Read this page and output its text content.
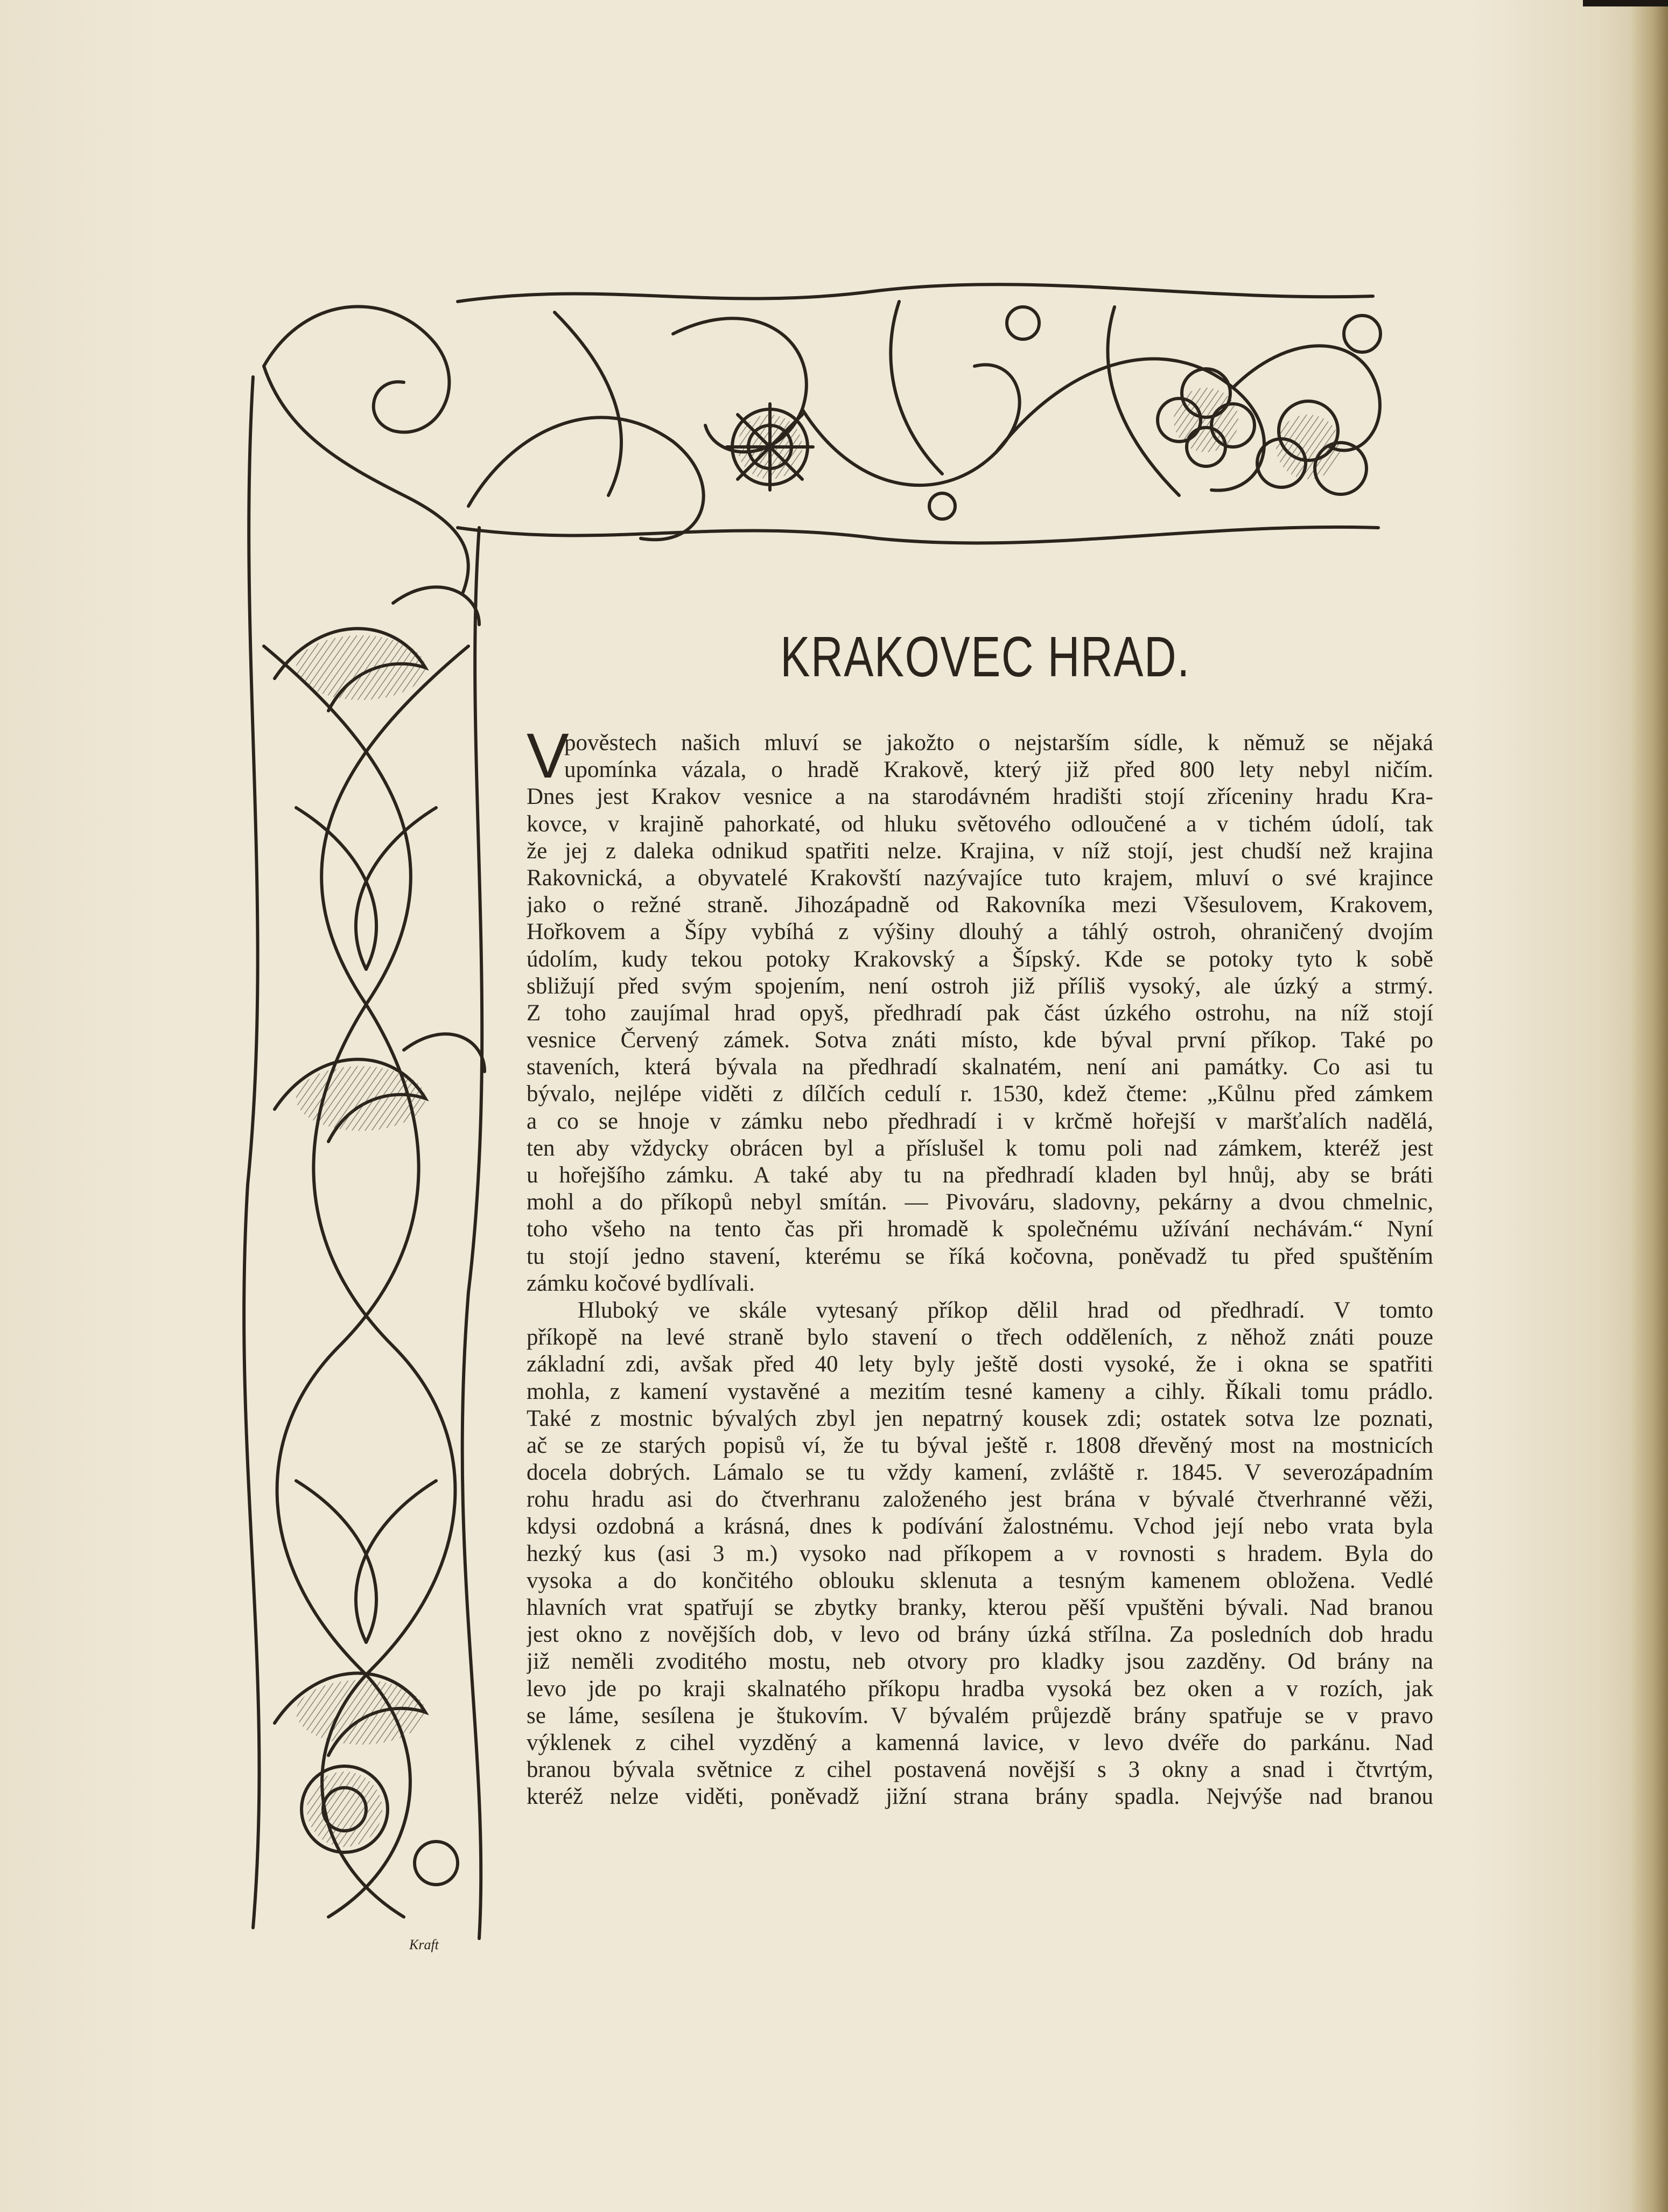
Kraft
KRAKOVEC HRAD.
V
pověstech našich mluví se jakožto o nejstarším sídle, k němuž se nějaká
upomínka vázala, o hradě Krakově, který již před 800 lety nebyl ničím.
Dnes jest Krakov vesnice a na starodávném hradišti stojí zříceniny hradu Kra-
kovce, v krajině pahorkaté, od hluku světového odloučené a v tichém údolí, tak
že jej z daleka odnikud spatřiti nelze. Krajina, v níž stojí, jest chudší než krajina
Rakovnická, a obyvatelé Krakovští nazývajíce tuto krajem, mluví o své krajince
jako o režné straně. Jihozápadně od Rakovníka mezi Všesulovem, Krakovem,
Hořkovem a Šípy vybíhá z výšiny dlouhý a táhlý ostroh, ohraničený dvojím
údolím, kudy tekou potoky Krakovský a Šípský. Kde se potoky tyto k sobě
sbližují před svým spojením, není ostroh již příliš vysoký, ale úzký a strmý.
Z toho zaujímal hrad opyš, předhradí pak část úzkého ostrohu, na níž stojí
vesnice Červený zámek. Sotva znáti místo, kde býval první příkop. Také po
staveních, která bývala na předhradí skalnatém, není ani památky. Co asi tu
bývalo, nejlépe viděti z dílčích cedulí r. 1530, kdež čteme: „Kůlnu před zámkem
a co se hnoje v zámku nebo předhradí i v krčmě hořejší v maršťalích nadělá,
ten aby vždycky obrácen byl a příslušel k tomu poli nad zámkem, kteréž jest
u hořejšího zámku. A také aby tu na předhradí kladen byl hnůj, aby se bráti
mohl a do příkopů nebyl smítán. — Pivováru, sladovny, pekárny a dvou chmelnic,
toho všeho na tento čas při hromadě k společnému užívání nechávám.“ Nyní
tu stojí jedno stavení, kterému se říká kočovna, poněvadž tu před spuštěním
zámku kočové bydlívali.
Hluboký ve skále vytesaný příkop dělil hrad od předhradí. V tomto
příkopě na levé straně bylo stavení o třech odděleních, z něhož znáti pouze
základní zdi, avšak před 40 lety byly ještě dosti vysoké, že i okna se spatřiti
mohla, z kamení vystavěné a mezitím tesné kameny a cihly. Říkali tomu prádlo.
Také z mostnic bývalých zbyl jen nepatrný kousek zdi; ostatek sotva lze poznati,
ač se ze starých popisů ví, že tu býval ještě r. 1808 dřevěný most na mostnicích
docela dobrých. Lámalo se tu vždy kamení, zvláště r. 1845. V severozápadním
rohu hradu asi do čtverhranu založeného jest brána v bývalé čtverhranné věži,
kdysi ozdobná a krásná, dnes k podívání žalostnému. Vchod její nebo vrata byla
hezký kus (asi 3 m.) vysoko nad příkopem a v rovnosti s hradem. Byla do
vysoka a do končitého oblouku sklenuta a tesným kamenem obložena. Vedlé
hlavních vrat spatřují se zbytky branky, kterou pěší vpuštěni bývali. Nad branou
jest okno z novějších dob, v levo od brány úzká střílna. Za posledních dob hradu
již neměli zvoditého mostu, neb otvory pro kladky jsou zazděny. Od brány na
levo jde po kraji skalnatého příkopu hradba vysoká bez oken a v rozích, jak
se láme, sesílena je štukovím. V bývalém průjezdě brány spatřuje se v pravo
výklenek z cihel vyzděný a kamenná lavice, v levo dvéře do parkánu. Nad
branou bývala světnice z cihel postavená novější s 3 okny a snad i čtvrtým,
kteréž nelze viděti, poněvadž jižní strana brány spadla. Nejvýše nad branou
